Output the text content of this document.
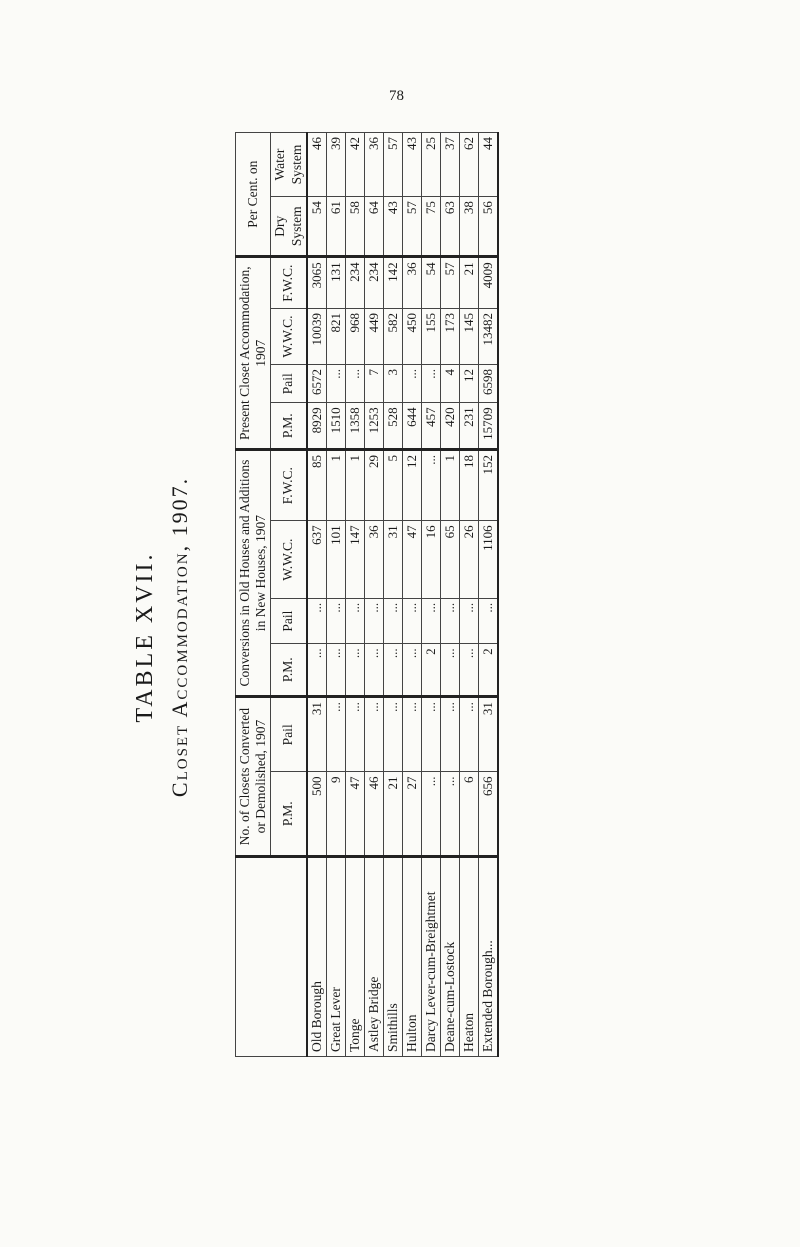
78
TABLE XVII. Closet Accommodation, 1907.
		No. of Closets Converted or Demolished, 1907		Conversions in Old Houses and Additions in New Houses, 1907				Present Closet Accommodation, 1907				Per Cent. on	
	P.M.	Pail	P.M.	Pail	W.W.C.	F.W.C.	P.M.	Pail	W.W.C.	F.W.C.	Dry System	Water System
Old Borough	500	31	...	...	637	85	8929	6572	10039	3065	54	46
Great Lever	9	...	...	...	101	1	1510	...	821	131	61	39
Tonge	47	...	...	...	147	1	1358	...	968	234	58	42
Astley Bridge	46	...	...	...	36	29	1253	7	449	234	64	36
Smithills	21	...	...	...	31	5	528	3	582	142	43	57
Hulton	27	...	...	...	47	12	644	...	450	36	57	43
Darcy Lever-cum-Breightmet	...	...	2	...	16	...	457	...	155	54	75	25
Deane-cum-Lostock	...	...	...	...	65	1	420	4	173	57	63	37
Heaton	6	...	...	...	26	18	231	12	145	21	38	62
Extended Borough...	656	31	2	...	1106	152	15709	6598	13482	4009	56	44
